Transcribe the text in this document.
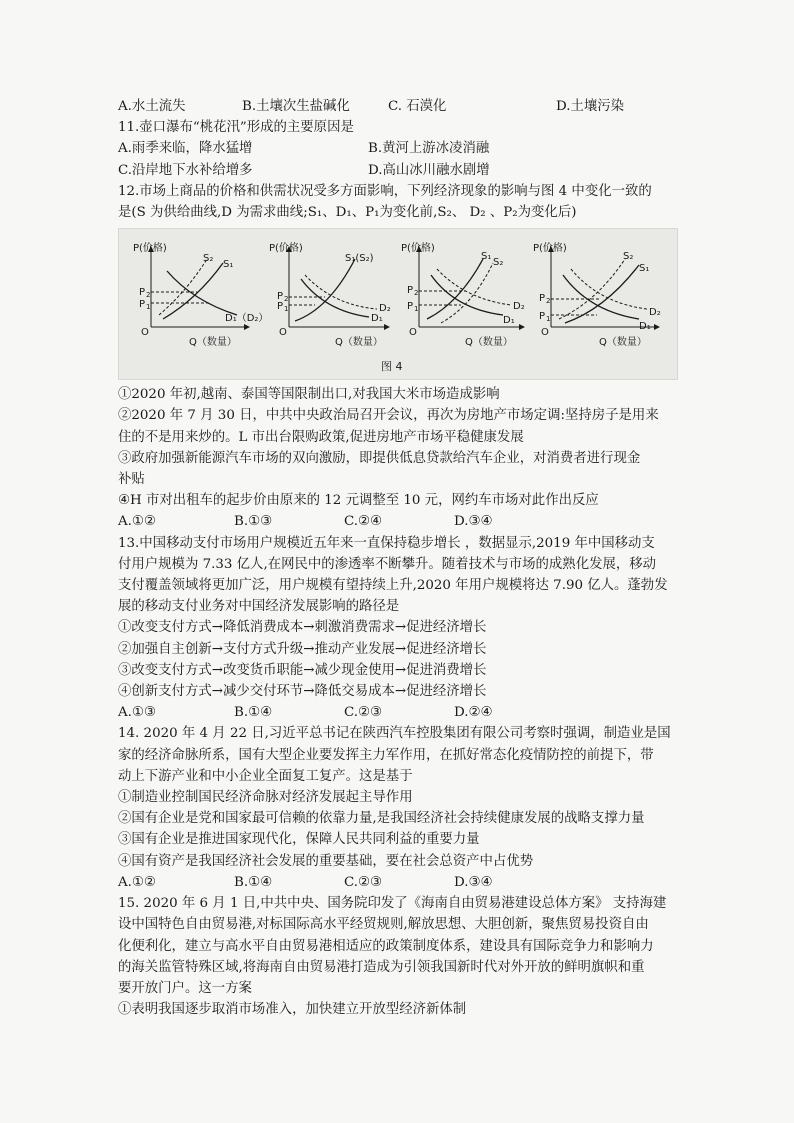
A.水土流失	B.土壤次生盐碱化	C. 石漠化	D.土壤污染
11.壶口瀑布“桃花汛”形成的主要原因是
A.雨季来临，降水猛增	B.黄河上游冰凌消融
C.沿岸地下水补给增多	D.高山冰川融水剧增
12.市场上商品的价格和供需状况受多方面影响，下列经济现象的影响与图 4 中变化一致的
是(S 为供给曲线,D 为需求曲线;S₁、D₁、P₁为变化前,S₂、 D₂ 、P₂为变化后)
P(价格)
Q（数量）
O
P 2
P 1
S₂
S₁
D₁（D₂）
P(价格)
Q（数量）
O
P 2
P 1
S₁(S₂)
D₁
D₂
P(价格)
Q（数量）
O
P 2
P 1
S₁
S₂
D₁
D₂
P(价格)
Q（数量）
O
P 2
P 1
S₂
S₁
D₁
D₂
图 4
①2020 年初,越南、泰国等国限制出口,对我国大米市场造成影响
②2020 年 7 月 30 日，中共中央政治局召开会议，再次为房地产市场定调:坚持房子是用来
住的不是用来炒的。L 市出台限购政策,促进房地产市场平稳健康发展
③政府加强新能源汽车市场的双向激励，即提供低息贷款给汽车企业，对消费者进行现金
补贴
④H 市对出租车的起步价由原来的 12 元调整至 10 元，网约车市场对此作出反应
A.①②	B.①③	C.②④	D.③④
13.中国移动支付市场用户规模近五年来一直保持稳步增长 ，数据显示,2019 年中国移动支
付用户规模为 7.33 亿人,在网民中的渗透率不断攀升。随着技术与市场的成熟化发展，移动
支付覆盖领域将更加广泛，用户规模有望持续上升,2020 年用户规模将达 7.90 亿人。蓬勃发
展的移动支付业务对中国经济发展影响的路径是
①改变支付方式→降低消费成本→刺激消费需求→促进经济增长
②加强自主创新→支付方式升级→推动产业发展→促进经济增长
③改变支付方式→改变货币职能→减少现金使用→促进消费增长
④创新支付方式→减少交付环节→降低交易成本→促进经济增长
A.①③	B.①④	C.②③	D.②④
14. 2020 年 4 月 22 日,习近平总书记在陕西汽车控股集团有限公司考察时强调，制造业是国
家的经济命脉所系，国有大型企业要发挥主力军作用，在抓好常态化疫情防控的前提下，带
动上下游产业和中小企业全面复工复产。这是基于
①制造业控制国民经济命脉对经济发展起主导作用
②国有企业是党和国家最可信赖的依靠力量,是我国经济社会持续健康发展的战略支撑力量
③国有企业是推进国家现代化，保障人民共同利益的重要力量
④国有资产是我国经济社会发展的重要基础，要在社会总资产中占优势
A.①②	B.①④	C.②③	D.③④
15. 2020 年 6 月 1 日,中共中央、国务院印发了《海南自由贸易港建设总体方案》 支持海建
设中国特色自由贸易港,对标国际高水平经贸规则,解放思想、大胆创新，聚焦贸易投资自由
化便利化，建立与高水平自由贸易港相适应的政策制度体系，建设具有国际竞争力和影响力
的海关监管特殊区域,将海南自由贸易港打造成为引领我国新时代对外开放的鲜明旗帜和重
要开放门户。这一方案
①表明我国逐步取消市场准入，加快建立开放型经济新体制
